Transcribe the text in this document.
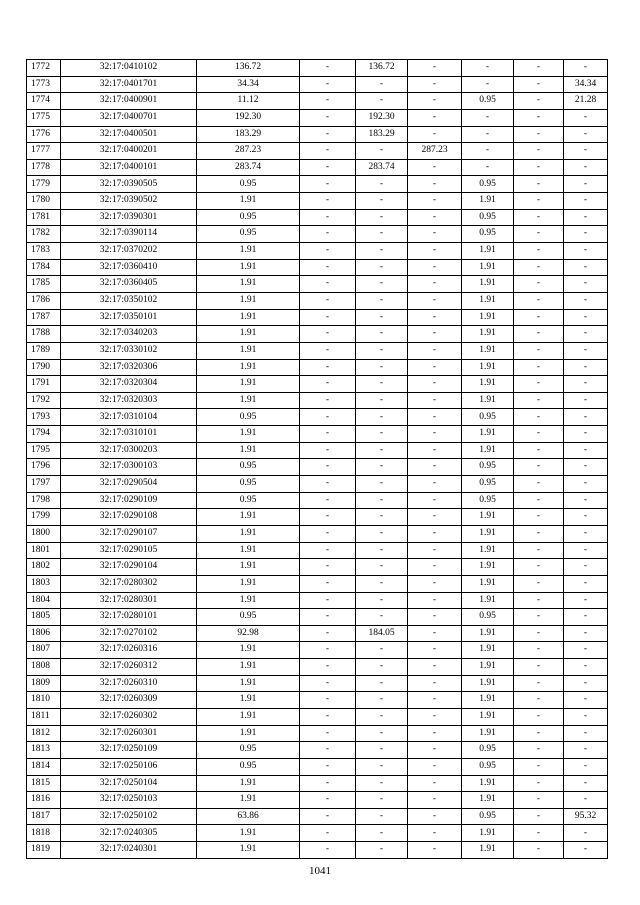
1772	32:17:0410102	136.72	-	136.72	-	-	-	-
1773	32:17:0401701	34.34	-	-	-	-	-	34.34
1774	32:17:0400901	11.12	-	-	-	0.95	-	21.28
1775	32:17:0400701	192.30	-	192.30	-	-	-	-
1776	32:17:0400501	183.29	-	183.29	-	-	-	-
1777	32:17:0400201	287.23	-	-	287.23	-	-	-
1778	32:17:0400101	283.74	-	283.74	-	-	-	-
1779	32:17:0390505	0.95	-	-	-	0.95	-	-
1780	32:17:0390502	1.91	-	-	-	1.91	-	-
1781	32:17:0390301	0.95	-	-	-	0.95	-	-
1782	32:17:0390114	0.95	-	-	-	0.95	-	-
1783	32:17:0370202	1.91	-	-	-	1.91	-	-
1784	32:17:0360410	1.91	-	-	-	1.91	-	-
1785	32:17:0360405	1.91	-	-	-	1.91	-	-
1786	32:17:0350102	1.91	-	-	-	1.91	-	-
1787	32:17:0350101	1.91	-	-	-	1.91	-	-
1788	32:17:0340203	1.91	-	-	-	1.91	-	-
1789	32:17:0330102	1.91	-	-	-	1.91	-	-
1790	32:17:0320306	1.91	-	-	-	1.91	-	-
1791	32:17:0320304	1.91	-	-	-	1.91	-	-
1792	32:17:0320303	1.91	-	-	-	1.91	-	-
1793	32:17:0310104	0.95	-	-	-	0.95	-	-
1794	32:17:0310101	1.91	-	-	-	1.91	-	-
1795	32:17:0300203	1.91	-	-	-	1.91	-	-
1796	32:17:0300103	0.95	-	-	-	0.95	-	-
1797	32:17:0290504	0.95	-	-	-	0.95	-	-
1798	32:17:0290109	0.95	-	-	-	0.95	-	-
1799	32:17:0290108	1.91	-	-	-	1.91	-	-
1800	32:17:0290107	1.91	-	-	-	1.91	-	-
1801	32:17:0290105	1.91	-	-	-	1.91	-	-
1802	32:17:0290104	1.91	-	-	-	1.91	-	-
1803	32:17:0280302	1.91	-	-	-	1.91	-	-
1804	32:17:0280301	1.91	-	-	-	1.91	-	-
1805	32:17:0280101	0.95	-	-	-	0.95	-	-
1806	32:17:0270102	92.98	-	184.05	-	1.91	-	-
1807	32:17:0260316	1.91	-	-	-	1.91	-	-
1808	32:17:0260312	1.91	-	-	-	1.91	-	-
1809	32:17:0260310	1.91	-	-	-	1.91	-	-
1810	32:17:0260309	1.91	-	-	-	1.91	-	-
1811	32:17:0260302	1.91	-	-	-	1.91	-	-
1812	32:17:0260301	1.91	-	-	-	1.91	-	-
1813	32:17:0250109	0.95	-	-	-	0.95	-	-
1814	32:17:0250106	0.95	-	-	-	0.95	-	-
1815	32:17:0250104	1.91	-	-	-	1.91	-	-
1816	32:17:0250103	1.91	-	-	-	1.91	-	-
1817	32:17:0250102	63.86	-	-	-	0.95	-	95.32
1818	32:17:0240305	1.91	-	-	-	1.91	-	-
1819	32:17:0240301	1.91	-	-	-	1.91	-	-
1041
